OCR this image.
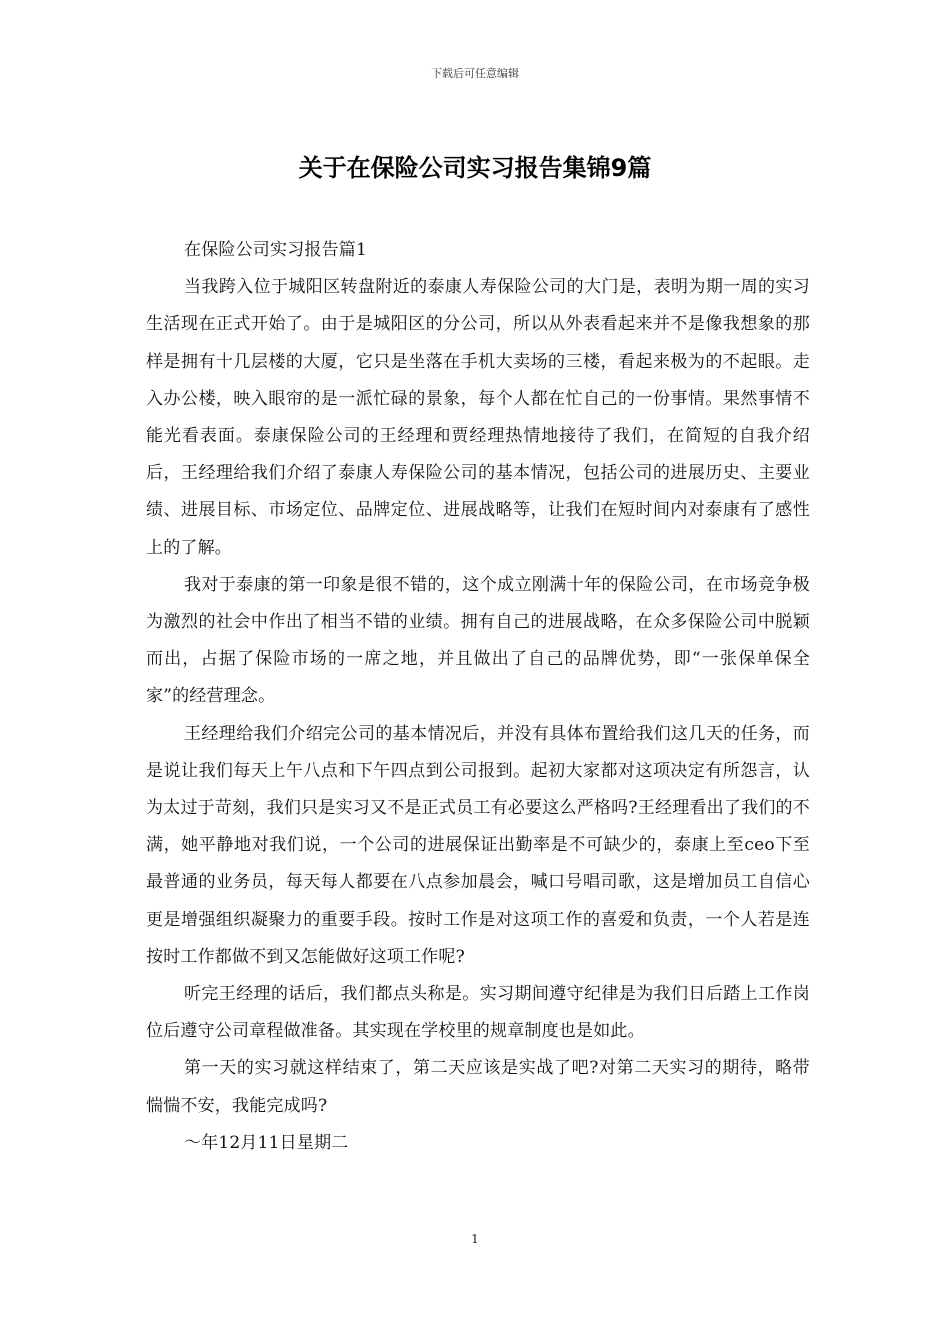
下载后可任意编辑
关于在保险公司实习报告集锦9篇

在保险公司实习报告篇1

当我跨入位于城阳区转盘附近的泰康人寿保险公司的大门是，表明为期一周的实习生活现在正式开始了。由于是城阳区的分公司，所以从外表看起来并不是像我想象的那样是拥有十几层楼的大厦，它只是坐落在手机大卖场的三楼，看起来极为的不起眼。走入办公楼，映入眼帘的是一派忙碌的景象，每个人都在忙自己的一份事情。果然事情不能光看表面。泰康保险公司的王经理和贾经理热情地接待了我们，在简短的自我介绍后，王经理给我们介绍了泰康人寿保险公司的基本情况，包括公司的进展历史、主要业绩、进展目标、市场定位、品牌定位、进展战略等，让我们在短时间内对泰康有了感性上的了解。

我对于泰康的第一印象是很不错的，这个成立刚满十年的保险公司，在市场竞争极为激烈的社会中作出了相当不错的业绩。拥有自己的进展战略，在众多保险公司中脱颖而出，占据了保险市场的一席之地，并且做出了自己的品牌优势，即“一张保单保全家”的经营理念。

王经理给我们介绍完公司的基本情况后，并没有具体布置给我们这几天的任务，而是说让我们每天上午八点和下午四点到公司报到。起初大家都对这项决定有所怨言，认为太过于苛刻，我们只是实习又不是正式员工有必要这么严格吗?王经理看出了我们的不满，她平静地对我们说，一个公司的进展保证出勤率是不可缺少的，泰康上至ceo下至最普通的业务员，每天每人都要在八点参加晨会，喊口号唱司歌，这是增加员工自信心更是增强组织凝聚力的重要手段。按时工作是对这项工作的喜爱和负责，一个人若是连按时工作都做不到又怎能做好这项工作呢?

听完王经理的话后，我们都点头称是。实习期间遵守纪律是为我们日后踏上工作岗位后遵守公司章程做准备。其实现在学校里的规章制度也是如此。

第一天的实习就这样结束了，第二天应该是实战了吧?对第二天实习的期待，略带惴惴不安，我能完成吗?

～年12月11日星期二

1
